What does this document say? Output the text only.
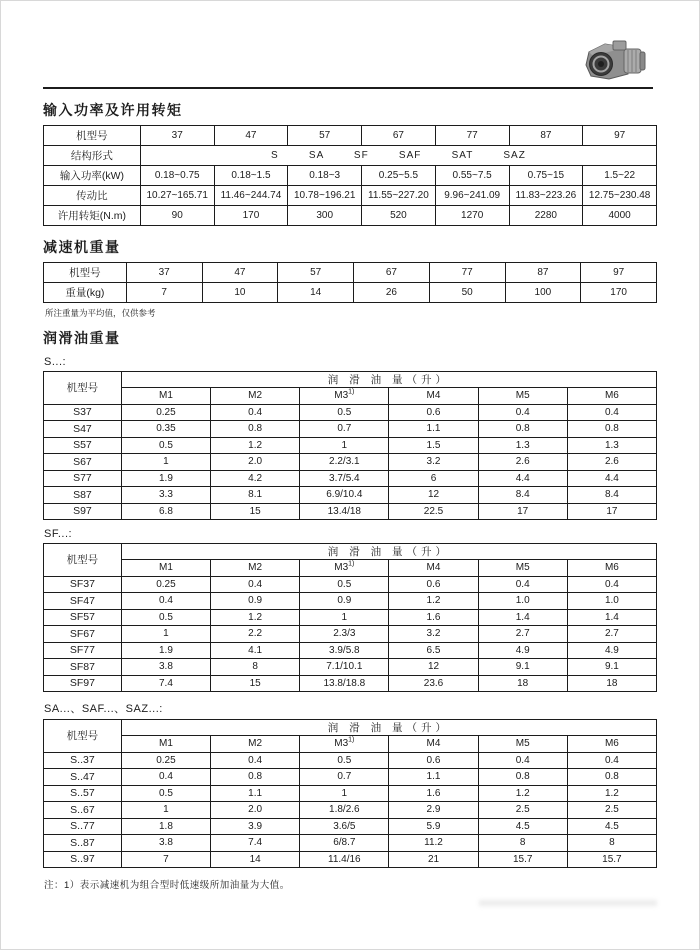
输入功率及许用转矩
机型号	37	47	57	67	77	87	97
结构形式	S        SA        SF        SAF        SAT        SAZ						
输入功率(kW)	0.18~0.75	0.18~1.5	0.18~3	0.25~5.5	0.55~7.5	0.75~15	1.5~22
传动比	10.27~165.71	11.46~244.74	10.78~196.21	11.55~227.20	9.96~241.09	11.83~223.26	12.75~230.48
许用转矩(N.m)	90	170	300	520	1270	2280	4000
减速机重量
机型号	37	47	57	67	77	87	97
重量(kg)	7	10	14	26	50	100	170
所注重量为平均值，仅供参考
润滑油重量
S...:
机型号	润 滑 油 量（升）					
	M1	M2	M3$^{1)}$	M4	M5	M6
S37	0.25	0.4	0.5	0.6	0.4	0.4
S47	0.35	0.8	0.7	1.1	0.8	0.8
S57	0.5	1.2	1	1.5	1.3	1.3
S67	1	2.0	2.2/3.1	3.2	2.6	2.6
S77	1.9	4.2	3.7/5.4	6	4.4	4.4
S87	3.3	8.1	6.9/10.4	12	8.4	8.4
S97	6.8	15	13.4/18	22.5	17	17
SF...:
机型号	润 滑 油 量（升）					
	M1	M2	M3$^{1)}$	M4	M5	M6
SF37	0.25	0.4	0.5	0.6	0.4	0.4
SF47	0.4	0.9	0.9	1.2	1.0	1.0
SF57	0.5	1.2	1	1.6	1.4	1.4
SF67	1	2.2	2.3/3	3.2	2.7	2.7
SF77	1.9	4.1	3.9/5.8	6.5	4.9	4.9
SF87	3.8	8	7.1/10.1	12	9.1	9.1
SF97	7.4	15	13.8/18.8	23.6	18	18
SA...、SAF...、SAZ...:
机型号	润 滑 油 量（升）					
	M1	M2	M3$^{1)}$	M4	M5	M6
S..37	0.25	0.4	0.5	0.6	0.4	0.4
S..47	0.4	0.8	0.7	1.1	0.8	0.8
S..57	0.5	1.1	1	1.6	1.2	1.2
S..67	1	2.0	1.8/2.6	2.9	2.5	2.5
S..77	1.8	3.9	3.6/5	5.9	4.5	4.5
S..87	3.8	7.4	6/8.7	11.2	8	8
S..97	7	14	11.4/16	21	15.7	15.7
注：1）表示减速机为组合型时低速级所加油量为大值。
